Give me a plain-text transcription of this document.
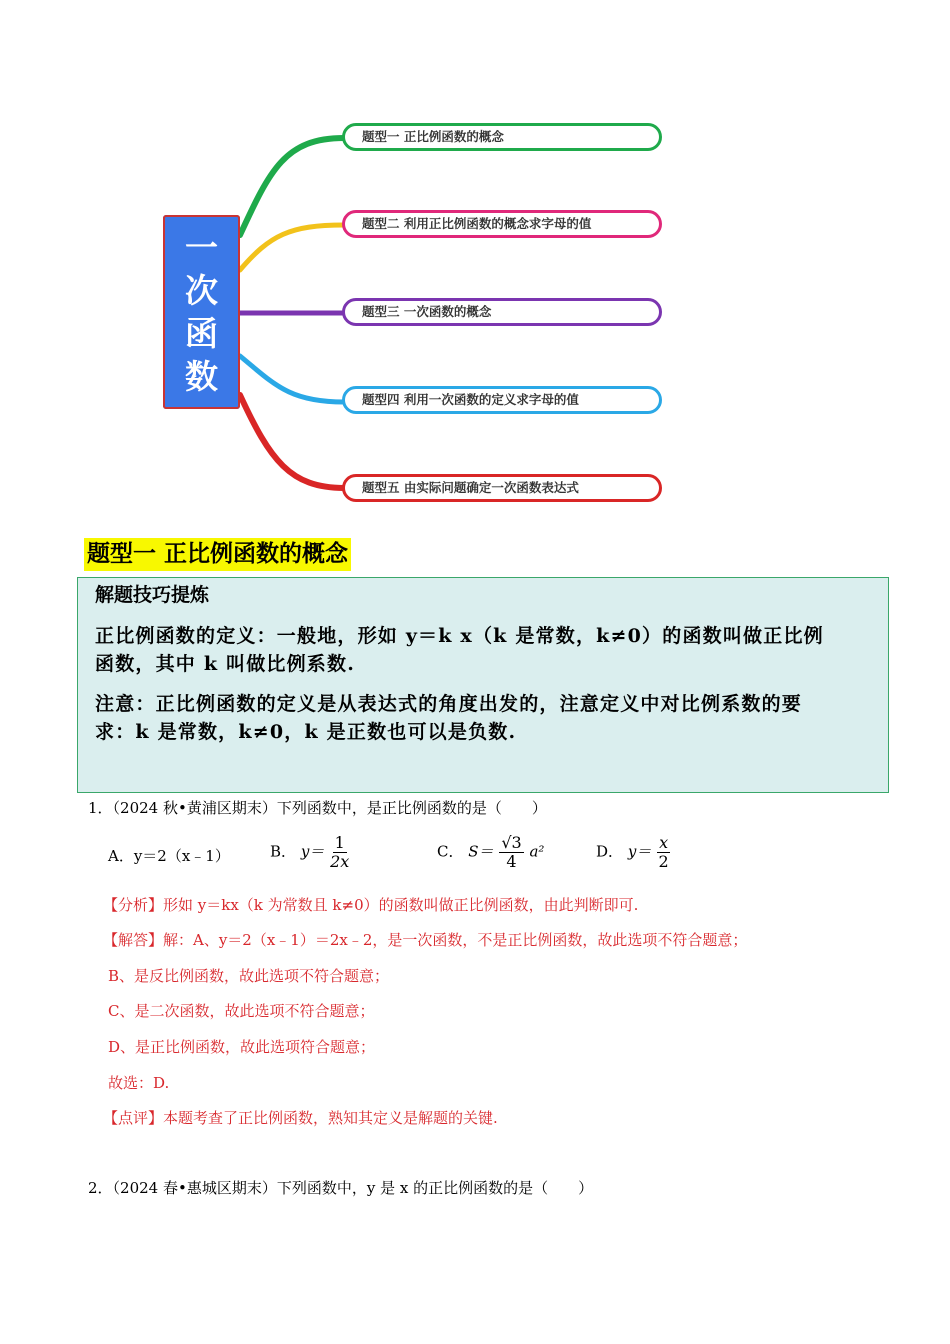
一
次
函
数
题型一 正比例函数的概念
题型二 利用正比例函数的概念求字母的值
题型三 一次函数的概念
题型四 利用一次函数的定义求字母的值
题型五 由实际问题确定一次函数表达式
题型一 正比例函数的概念
解题技巧提炼
正比例函数的定义：一般地，形如 y＝k x（k 是常数，k≠0）的函数叫做正比例
函数，其中 k 叫做比例系数.
注意：正比例函数的定义是从表达式的角度出发的，注意定义中对比例系数的要
求：k 是常数，k≠0，k 是正数也可以是负数.
1．（2024 秋•黄浦区期末）下列函数中，是正比例函数的是（　　）
A．y＝2（x﹣1）	B． $y= \frac{1}{2x}$	C． $S= \frac{√3}{4} a^2$	D． $y= \frac{x}{2}$
【分析】形如 y＝kx（k 为常数且 k≠0）的函数叫做正比例函数，由此判断即可.
【解答】解：A、y＝2（x﹣1）＝2x﹣2，是一次函数，不是正比例函数，故此选项不符合题意；
B、是反比例函数，故此选项不符合题意；
C、是二次函数，故此选项不符合题意；
D、是正比例函数，故此选项符合题意；
故选：D.
【点评】本题考查了正比例函数，熟知其定义是解题的关键.
2．（2024 春•惠城区期末）下列函数中，y 是 x 的正比例函数的是（　　）
